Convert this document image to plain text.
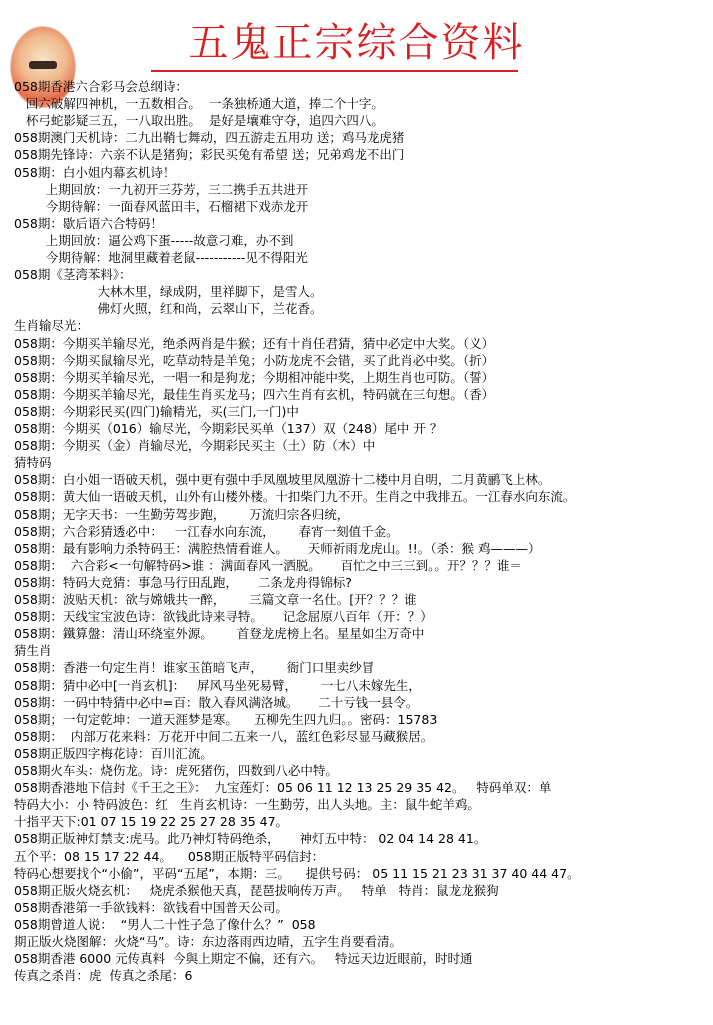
五鬼正宗综合资料
058期香港六合彩马会总纲诗：
回六破解四神机，一五数相合。  一条独桥通大道，捧二个十字。
杯弓蛇影疑三五，一八取出胜。  是好是壤难守夺，追四六四八。
058期澳门天机诗：二九出鞘七舞动，四五游走五用功 送；鸡马龙虎猪
058期先锋诗：六亲不认是猪狗；彩民买兔有希望 送；兄弟鸡龙不出门
058期：白小姐内幕玄机诗！
上期回放：一九初开三芬芳，三二携手五共进开
今期待解：一面春风蓝田丰，石榴裙下戏赤龙开
058期：歇后语六合特码！
上期回放：逼公鸡下蛋-----故意刁难，办不到
今期待解：地洞里藏着老鼠-----------见不得阳光
058期《茎湾苯料》：
大林木里，绿成阴，里祥脚下，是雪人。
佛灯火照，红和尚，云翠山下，兰花香。
生肖输尽光：
058期：今期买羊输尽光，绝杀两肖是牛猴；还有十肖任君猜，猜中必定中大奖。（义）
058期：今期买鼠输尽光，吃草动特是羊兔；小防龙虎不会错，买了此肖必中奖。（折）
058期：今期买羊输尽光，一唱一和是狗龙；今期相冲能中奖，上期生肖也可防。（誓）
058期：今期买羊输尽光，最佳生肖买龙马；四六生肖有玄机，特码就在三句想。（香）
058期：今期彩民买(四门)输精光，买(三门,一门)中
058期：今期买（016）输尽光，今期彩民买单（137）双（248）尾中 开 ？
058期：今期买（金）肖输尽光，今期彩民买主（土）防（木）中
猜特码
058期：白小姐一语破天机，强中更有强中手凤凰坡里凤凰游十二楼中月自明，二月黄鹂飞上林。
058期：黄大仙一语破天机，山外有山楼外楼。十扣柴门九不开。生肖之中我排五。一江春水向东流。
058期；无字天书：一生勤劳驾步跑，      万流归宗各归统，
058期；六合彩猜透必中：   一江春水向东流，      春宵一刻值千金。
058期：最有影响力杀特码王：满腔热情看谁人。     天师祈雨龙虎山。!!。（杀：猴 鸡———）
058期：  六合彩<一句解特码>谁 ：满面春风一洒脱。     百忙之中三三到。。开？？？谁＝
058期：特码大竞猜：事急马行田乱跑，     二条龙舟得锦标?
058期：波贴天机：欲与嫦娥共一醉，      三篇文章一名仕。[开？？？谁
058期：天线宝宝波色诗：欲钱此诗来寻特。     记念屈原八百年（开：？）
058期：鐵算盤：清山环绕室外源。      首登龙虎榜上名。星星如尘万奇中
猜生肖
058期：香港一句定生肖！谁家玉笛暗飞声，      衙门口里卖纱冒
058期：猜中必中[一肖玄机]：   屏风马坐死易臂，      一七八未嫁先生，
058期：一码中特猜中必中=百：散入春风满洛城。     二十亏钱一县令。
058期；一句定乾坤：一道天涯梦是寒。    五柳先生四九归。。密码：15783
058期：  内部万花来料：万花开中间二五来一八，蓝红色彩尽显马藏猴居。
058期正版四字梅花诗：百川汇流。
058期火车头：烧伤龙。诗：虎死猪伤，四数到八必中特。
058期香港地下信封《千王之王》：  九宝莲灯：05 06 11 12 13 25 29 35 42。   特码单双：单
特码大小：小 特码波色：红   生肖玄机诗：一生勤劳，出人头地。主：鼠牛蛇羊鸡。
十指平天下:01 07 15 19 22 25 27 28 35 47。
058期正版神灯禁支:虎马。此乃神灯特码绝杀，     神灯五中特： 02 04 14 28 41。
五个平：08 15 17 22 44。    058期正版特平码信封：
特码心想要找个“小偷”，平码“五尾”，本期：三。    提供号码： 05 11 15 21 23 31 37 40 44 47。
058期正版火烧玄机：   烧虎杀猴他天真，琵琶拔响传万声。   特单   特肖：鼠龙龙猴狗
058期香港第一手欲钱料：欲钱看中国普天公司。
058期曾道人说：  “男人二十性子急了像什么？”  058
期正版火烧图解：火烧“马”。诗：东边落雨西边晴，五字生肖要看清。
058期香港 6000 元传真料  今與上期定不偏，还有六。   特远天边近眼前，时时通
传真之杀肖：虎  传真之杀尾：6
